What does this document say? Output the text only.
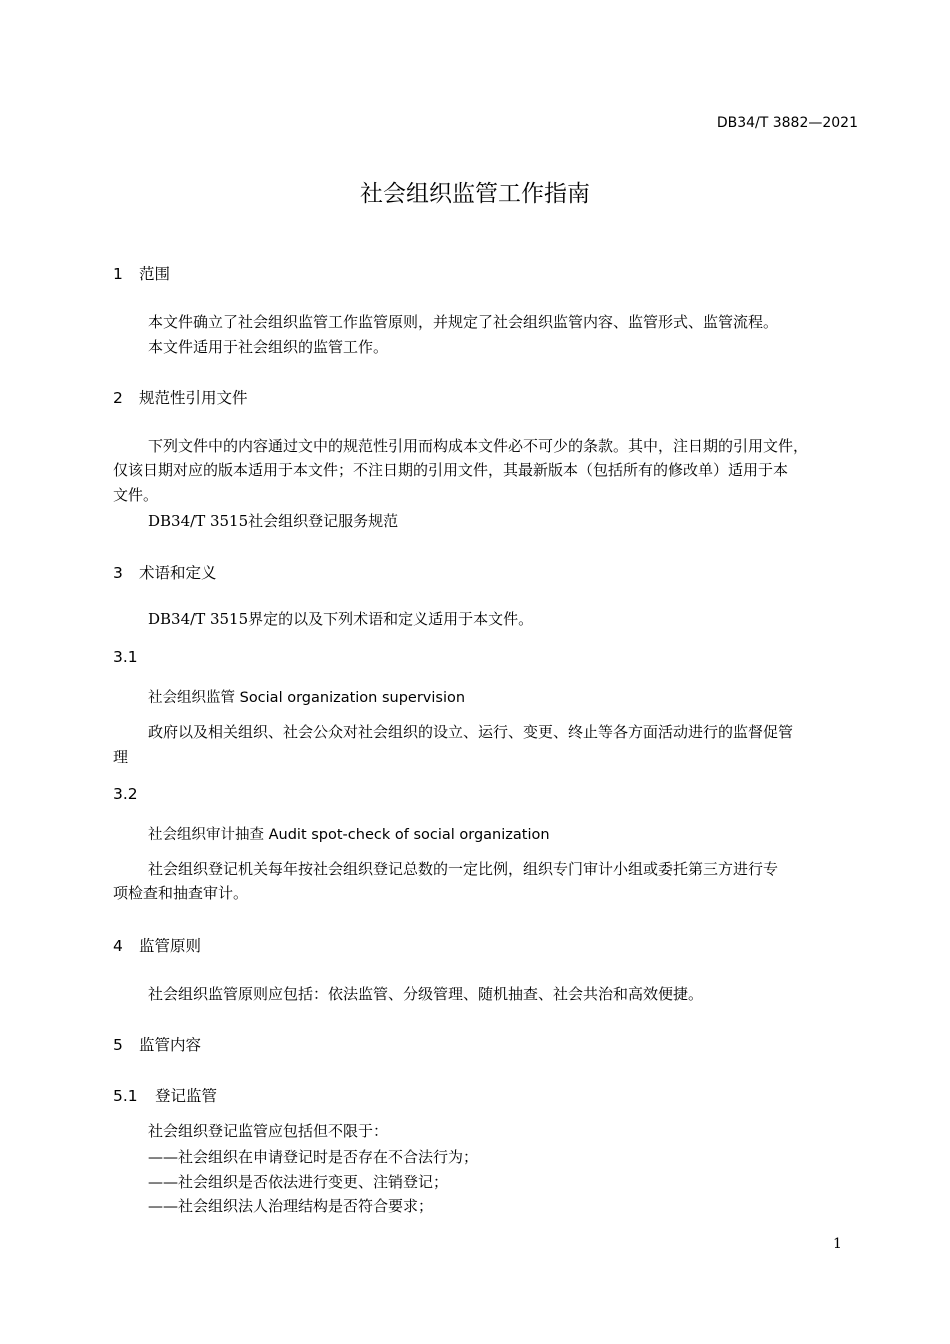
DB34/T 3882—2021
社会组织监管工作指南
1 范围
本文件确立了社会组织监管工作监管原则，并规定了社会组织监管内容、监管形式、监管流程。
本文件适用于社会组织的监管工作。
2 规范性引用文件
下列文件中的内容通过文中的规范性引用而构成本文件必不可少的条款。其中，注日期的引用文件，
仅该日期对应的版本适用于本文件；不注日期的引用文件，其最新版本（包括所有的修改单）适用于本
文件。
DB34/T 3515社会组织登记服务规范
3 术语和定义
DB34/T 3515界定的以及下列术语和定义适用于本文件。
3.1
社会组织监管 Social organization supervision
政府以及相关组织、社会公众对社会组织的设立、运行、变更、终止等各方面活动进行的监督促管
理
3.2
社会组织审计抽查 Audit spot-check of social organization
社会组织登记机关每年按社会组织登记总数的一定比例，组织专门审计小组或委托第三方进行专
项检查和抽查审计。
4 监管原则
社会组织监管原则应包括：依法监管、分级管理、随机抽查、社会共治和高效便捷。
5 监管内容
5.1 登记监管
社会组织登记监管应包括但不限于：
——社会组织在申请登记时是否存在不合法行为；
——社会组织是否依法进行变更、注销登记；
——社会组织法人治理结构是否符合要求；
1
